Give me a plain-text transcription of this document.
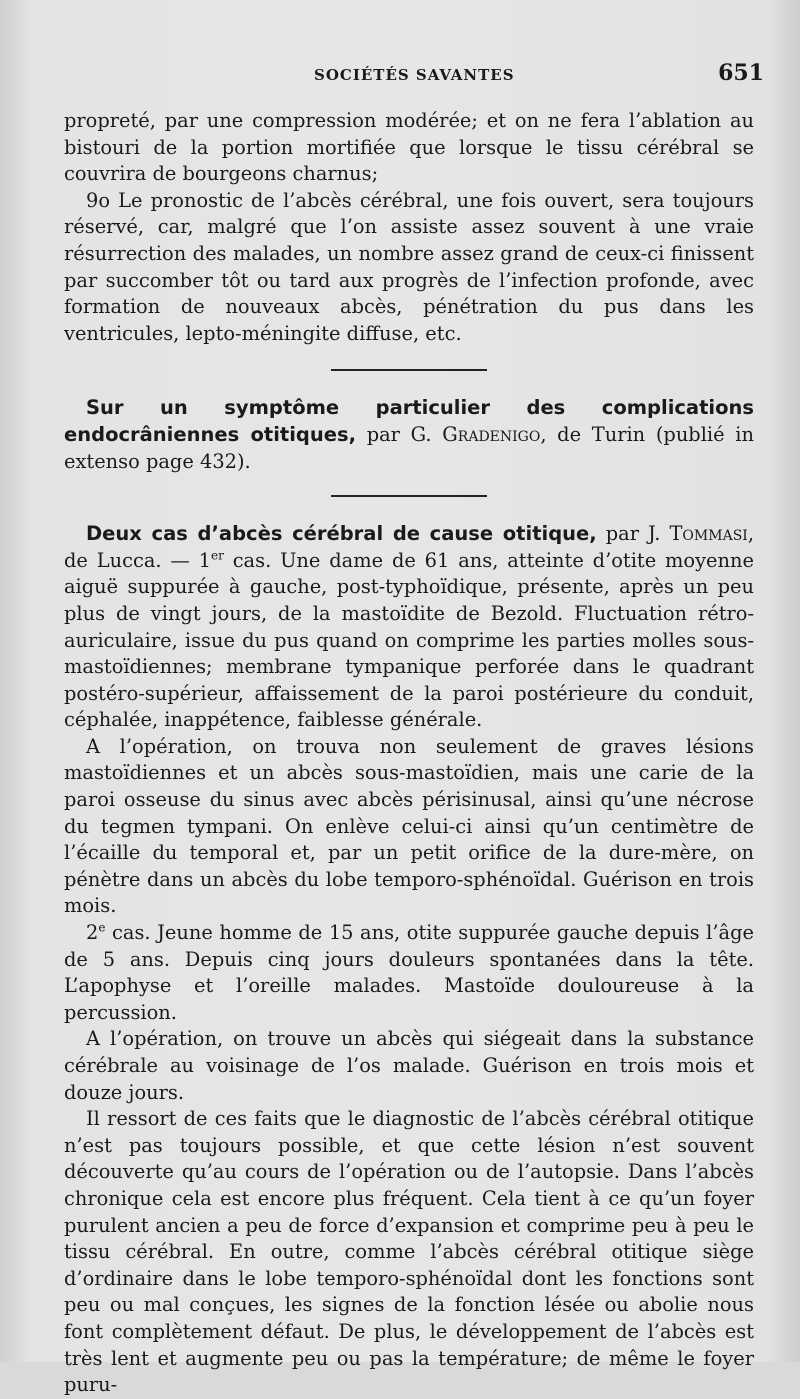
SOCIÉTÉS SAVANTES	651

propreté, par une compression modérée; et on ne fera l’ablation au bistouri de la portion mortifiée que lorsque le tissu cérébral se couvrira de bourgeons charnus;

9o Le pronostic de l’abcès cérébral, une fois ouvert, sera toujours réservé, car, malgré que l’on assiste assez souvent à une vraie résurrection des malades, un nombre assez grand de ceux-ci finissent par succomber tôt ou tard aux progrès de l’infection profonde, avec formation de nouveaux abcès, pénétration du pus dans les ventricules, lepto-méningite diffuse, etc.

Sur un symptôme particulier des complications endocrâniennes otitiques, par G. Gradenigo, de Turin (publié in extenso page 432).

Deux cas d’abcès cérébral de cause otitique, par J. Tommasi, de Lucca. — 1er cas. Une dame de 61 ans, atteinte d’otite moyenne aiguë suppurée à gauche, post-typhoïdique, présente, après un peu plus de vingt jours, de la mastoïdite de Bezold. Fluctuation rétro-auriculaire, issue du pus quand on comprime les parties molles sous-mastoïdiennes; membrane tympanique perforée dans le quadrant postéro-supérieur, affaissement de la paroi postérieure du conduit, céphalée, inappétence, faiblesse générale.

A l’opération, on trouva non seulement de graves lésions mastoïdiennes et un abcès sous-mastoïdien, mais une carie de la paroi osseuse du sinus avec abcès périsinusal, ainsi qu’une nécrose du tegmen tympani. On enlève celui-ci ainsi qu’un centimètre de l’écaille du temporal et, par un petit orifice de la dure-mère, on pénètre dans un abcès du lobe temporo-sphénoïdal. Guérison en trois mois.

2e cas. Jeune homme de 15 ans, otite suppurée gauche depuis l’âge de 5 ans. Depuis cinq jours douleurs spontanées dans la tête. L’apophyse et l’oreille malades. Mastoïde douloureuse à la percussion.

A l’opération, on trouve un abcès qui siégeait dans la substance cérébrale au voisinage de l’os malade. Guérison en trois mois et douze jours.

Il ressort de ces faits que le diagnostic de l’abcès cérébral otitique n’est pas toujours possible, et que cette lésion n’est souvent découverte qu’au cours de l’opération ou de l’autopsie. Dans l’abcès chronique cela est encore plus fréquent. Cela tient à ce qu’un foyer purulent ancien a peu de force d’expansion et comprime peu à peu le tissu cérébral. En outre, comme l’abcès cérébral otitique siège d’ordinaire dans le lobe temporo-sphénoïdal dont les fonctions sont peu ou mal conçues, les signes de la fonction lésée ou abolie nous font complètement défaut. De plus, le développement de l’abcès est très lent et augmente peu ou pas la température; de même le foyer puru-
